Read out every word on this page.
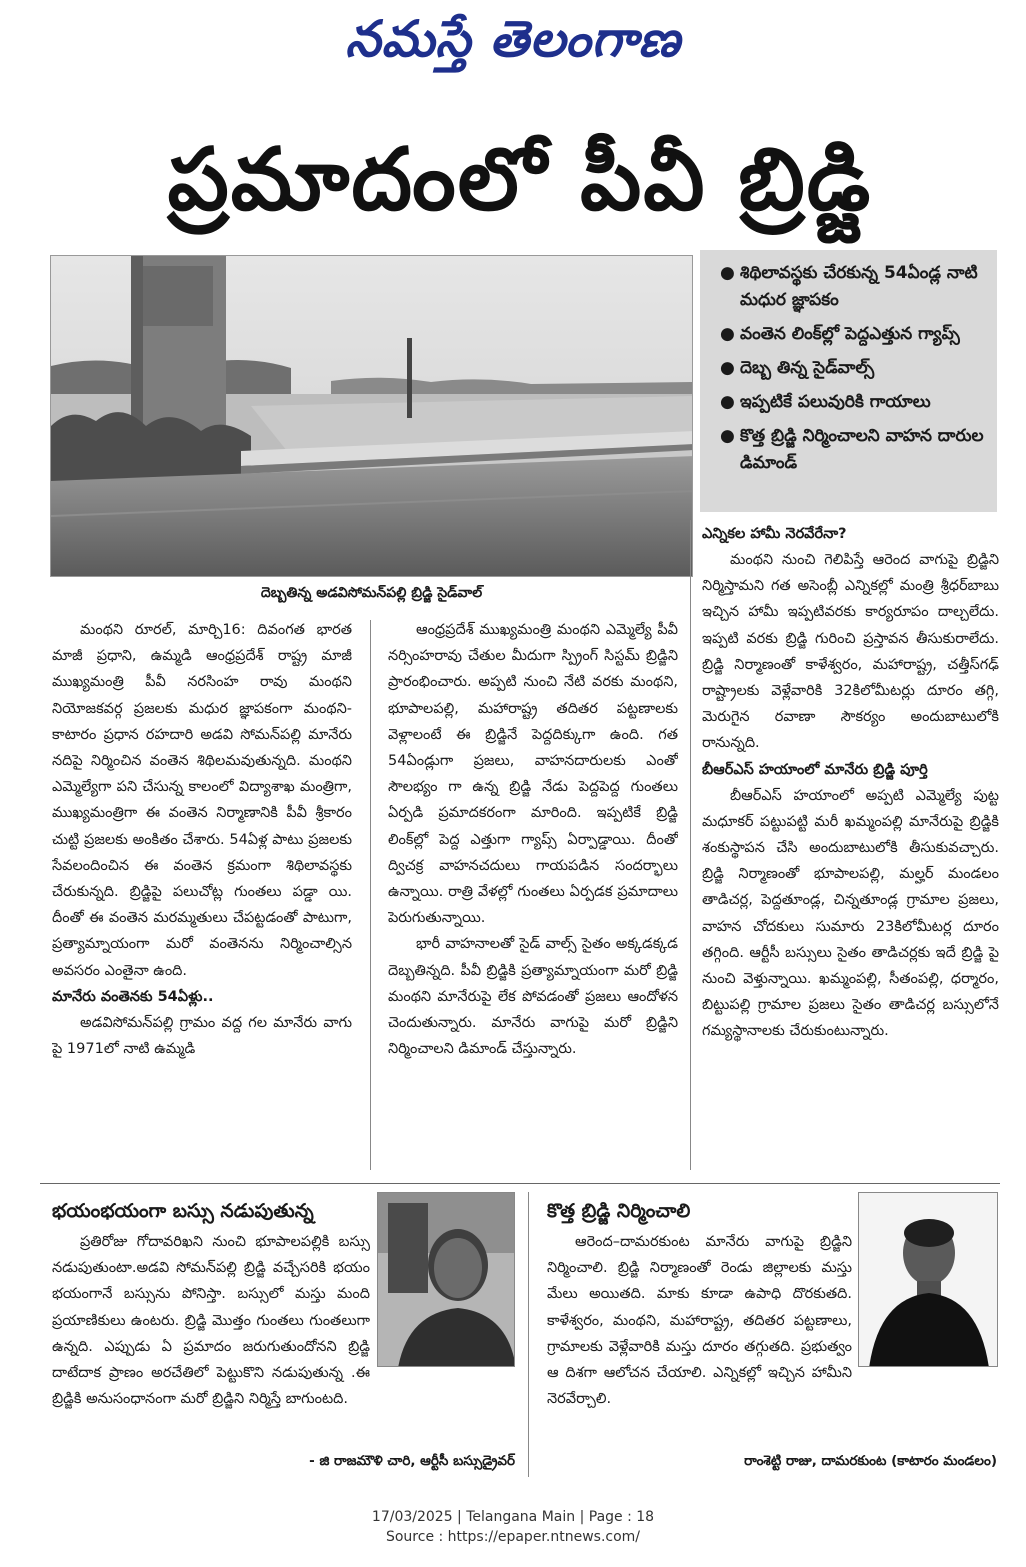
నమస్తే తెలంగాణ
ప్రమాదంలో పీవీ బ్రిడ్జి
దెబ్బతిన్న అడవిసోమన్‌పల్లి బ్రిడ్జి సైడ్‌వాల్
● శిథిలావస్థకు చేరకున్న 54ఏండ్ల నాటి మధుర జ్ఞాపకం
● వంతెన లింక్‌ల్లో పెద్దఎత్తున గ్యాప్స్
● దెబ్బ తిన్న సైడ్‌వాల్స్
● ఇప్పటికే పలువురికి గాయాలు
● కొత్త బ్రిడ్జి నిర్మించాలని వాహన దారుల డిమాండ్

మంథని రూరల్, మార్చి16: దివంగత భారత మాజీ ప్రధాని, ఉమ్మడి ఆంధ్రప్రదేశ్ రాష్ట్ర మాజీ ముఖ్యమంత్రి పీవీ నరసింహ రావు మంథని నియోజకవర్గ ప్రజలకు మధుర జ్ఞాపకంగా మంథని-కాటారం ప్రధాన రహదారి అడవి సోమన్‌పల్లి మానేరు నదిపై నిర్మించిన వంతెన శిథిలమవుతున్నది. మంథని ఎమ్మెల్యేగా పని చేసున్న కాలంలో విద్యాశాఖ మంత్రిగా, ముఖ్యమంత్రిగా ఈ వంతెన నిర్మాణానికి పీవీ శ్రీకారం చుట్టి ప్రజలకు అంకితం చేశారు. 54ఏళ్ల పాటు ప్రజలకు సేవలందించిన ఈ వంతెన క్రమంగా శిథిలావస్థకు చేరుకున్నది. బ్రిడ్జిపై పలుచోట్ల గుంతలు పడ్డా యి. దీంతో ఈ వంతెన మరమ్మతులు చేపట్టడంతో పాటుగా, ప్రత్యామ్నాయంగా మరో వంతెనను నిర్మించాల్సిన అవసరం ఎంతైనా ఉంది.

మానేరు వంతెనకు 54ఏళ్లు..

అడవిసోమన్‌పల్లి గ్రామం వద్ద గల మానేరు వాగు పై 1971లో నాటి ఉమ్మడి

ఆంధ్రప్రదేశ్ ముఖ్యమంత్రి మంథని ఎమ్మెల్యే పీవీ నర్సింహరావు చేతుల మీదుగా స్ప్రింగ్ సిస్టమ్ బ్రిడ్జిని ప్రారంభించారు. అప్పటి నుంచి నేటి వరకు మంథని, భూపాలపల్లి, మహారాష్ట్ర తదితర పట్టణాలకు వెళ్లాలంటే ఈ బ్రిడ్జినే పెద్దదిక్కుగా ఉంది. గత 54ఏండ్లుగా ప్రజలు, వాహనదారులకు ఎంతో సౌలభ్యం గా ఉన్న బ్రిడ్జి నేడు పెద్దపెద్ద గుంతలు ఏర్పడి ప్రమాదకరంగా మారింది. ఇప్పటికే బ్రిడ్జి లింక్‌ల్లో పెద్ద ఎత్తుగా గ్యాప్స్ ఏర్పాడ్డాయి. దీంతో ద్విచక్ర వాహనచదులు గాయపడిన సందర్భాలు ఉన్నాయి. రాత్రి వేళల్లో గుంతలు ఏర్పడక ప్రమాదాలు పెరుగుతున్నాయి.

భారీ వాహనాలతో సైడ్ వాల్స్ సైతం అక్కడక్కడ దెబ్బతిన్నది. పీవీ బ్రిడ్జికి ప్రత్యామ్నాయంగా మరో బ్రిడ్జి మంథని మానేరుపై లేక పోవడంతో ప్రజలు ఆందోళన చెందుతున్నారు. మానేరు వాగుపై మరో బ్రిడ్జిని నిర్మించాలని డిమాండ్ చేస్తున్నారు.

ఎన్నికల హామీ నెరవేరేనా?

మంథని నుంచి గెలిపిస్తే ఆరెంద వాగుపై బ్రిడ్జిని నిర్మిస్తామని గత అసెంబ్లీ ఎన్నికల్లో మంత్రి శ్రీధర్‌బాబు ఇచ్చిన హామీ ఇప్పటివరకు కార్యరూపం దాల్చలేదు. ఇప్పటి వరకు బ్రిడ్జి గురించి ప్రస్తావన తీసుకురాలేదు. బ్రిడ్జి నిర్మాణంతో కాళేశ్వరం, మహారాష్ట్ర, చత్తీస్‌గఢ్ రాష్ట్రాలకు వెళ్లేవారికి 32కిలోమీటర్లు దూరం తగ్గి, మెరుగైన రవాణా సౌకర్యం అందుబాటులోకి రానున్నది.

బీఆర్‌ఎస్ హయాంలో మానేరు బ్రిడ్జి పూర్తి

బీఆర్‌ఎస్ హయాంలో అప్పటి ఎమ్మెల్యే పుట్ట మధూకర్ పట్టుపట్టి మరీ ఖమ్మంపల్లి మానేరుపై బ్రిడ్జికి శంకుస్థాపన చేసి అందుబాటులోకి తీసుకువచ్చారు. బ్రిడ్జి నిర్మాణంతో భూపాలపల్లి, మల్హర్ మండలం తాడిచర్ల, పెద్దతూండ్ల, చిన్నతూండ్ల గ్రామాల ప్రజలు, వాహన చోదకులు సుమారు 23కిలోమీటర్ల దూరం తగ్గింది. ఆర్టీసీ బస్సులు సైతం తాడిచర్లకు ఇదే బ్రిడ్జి పై నుంచి వెళ్తున్నాయి. ఖమ్మంపల్లి, సీతంపల్లి, ధర్మారం, బిట్టుపల్లి గ్రామాల ప్రజలు సైతం తాడిచర్ల బస్సులోనే గమ్యస్థానాలకు చేరుకుంటున్నారు.

భయంభయంగా బస్సు నడుపుతున్న

ప్రతిరోజు గోదావరిఖని నుంచి భూపాలపల్లికి బస్సు నడుపుతుంటా.అడవి సోమన్‌పల్లి బ్రిడ్జి వచ్చేసరికి భయం భయంగానే బస్సును పోనిస్తా. బస్సులో మస్తు మంది ప్రయాణికులు ఉంటరు. బ్రిడ్జి మొత్తం గుంతలు గుంతలుగా ఉన్నది. ఎప్పుడు ఏ ప్రమాదం జరుగుతుందోనని బ్రిడ్జి దాటేదాక ప్రాణం అరచేతిలో పెట్టుకొని నడుపుతున్న .ఈ బ్రిడ్జికి అనుసంధానంగా మరో బ్రిడ్జిని నిర్మిస్తే బాగుంటది.

- జి రాజమౌళి చారి, ఆర్టీసీ బస్సుడ్రైవర్
కొత్త బ్రిడ్జి నిర్మించాలి

ఆరెంద–దామరకుంట మానేరు వాగుపై బ్రిడ్జిని నిర్మించాలి. బ్రిడ్జి నిర్మాణంతో రెండు జిల్లాలకు మస్తు మేలు అయితది. మాకు కూడా ఉపాధి దొరకుతది. కాళేశ్వరం, మంథని, మహారాష్ట్ర, తదితర పట్టణాలు, గ్రామాలకు వెళ్లేవారికి మస్తు దూరం తగ్గుతది. ప్రభుత్వం ఆ దిశగా ఆలోచన చేయాలి. ఎన్నికల్లో ఇచ్చిన హామీని నెరవేర్చాలి.

రాంశెట్టి రాజు, దామరకుంట (కాటారం మండలం)
17/03/2025 | Telangana Main | Page : 18
Source : https://epaper.ntnews.com/
